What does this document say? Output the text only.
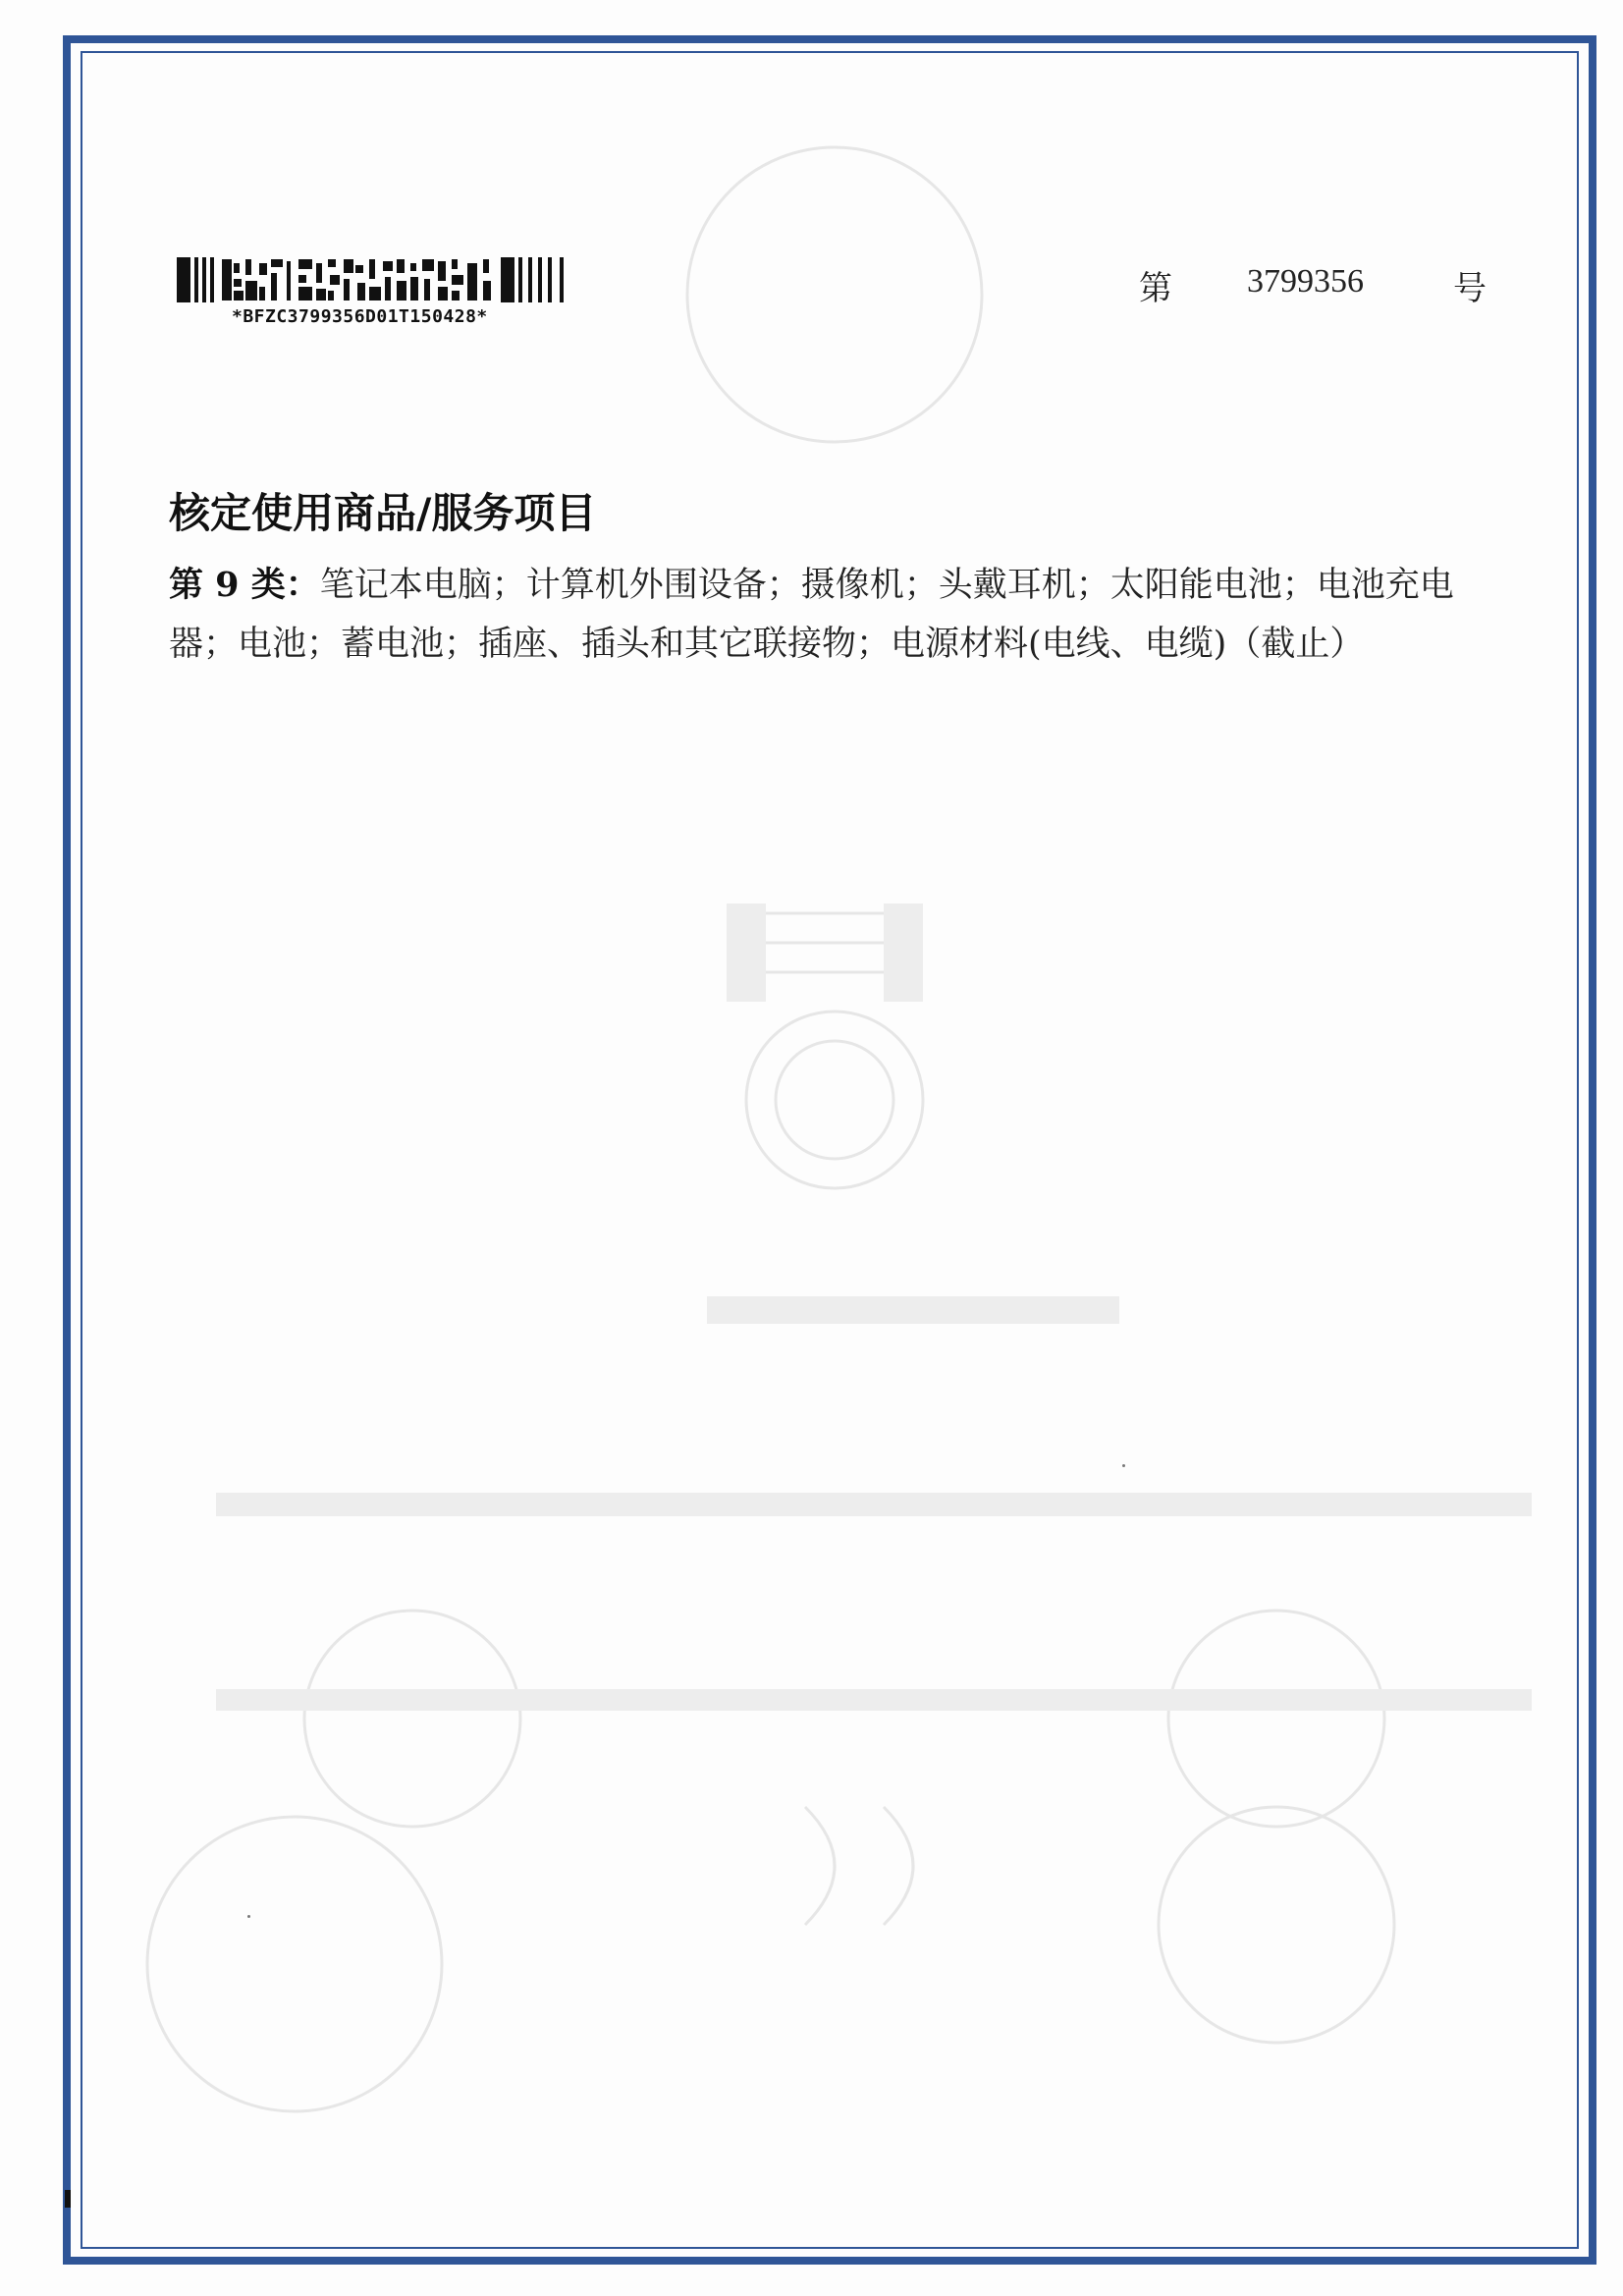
*BFZC3799356D01T150428*
第 3799356	号
核定使用商品/服务项目
第 9 类：笔记本电脑；计算机外围设备；摄像机；头戴耳机；太阳能电池；电池充电器；电池；蓄电池；插座、插头和其它联接物；电源材料(电线、电缆)（截止）
